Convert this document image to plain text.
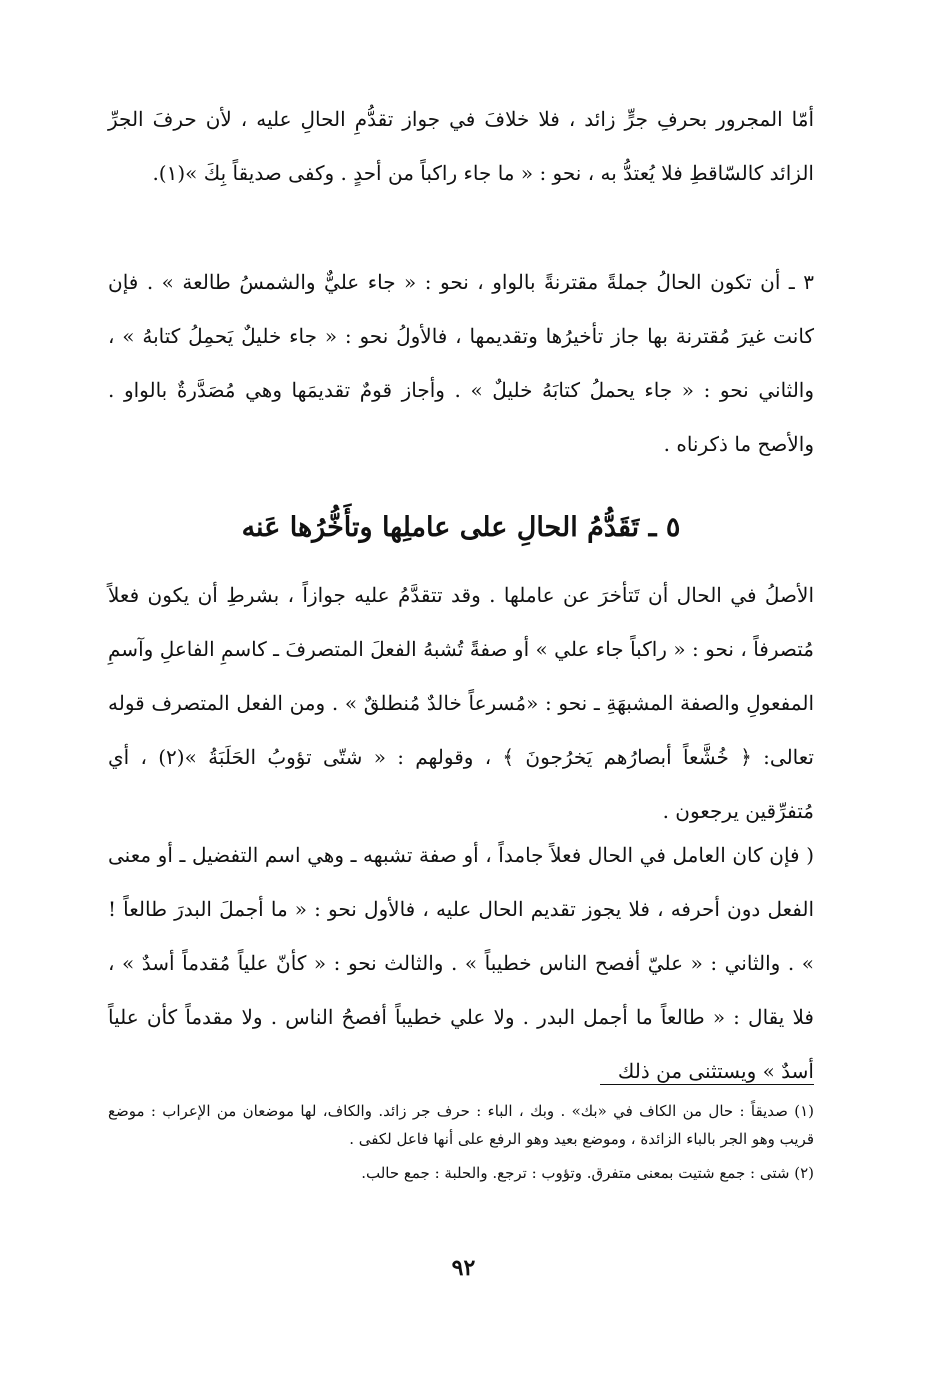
أمّا المجرور بحرفِ جرٍّ زائد ، فلا خلافَ في جواز تقدُّمِ الحالِ عليه ، لأن حرفَ الجرِّ الزائد كالسّاقطِ فلا يُعتدُّ به ، نحو : « ما جاء راكباً من أحدٍ . وكفى صديقاً بِكَ »(١).

٣ ـ أن تكون الحالُ جملةً مقترنةً بالواو ، نحو : « جاء عليٌّ والشمسُ طالعة » . فإن كانت غيرَ مُقترنة بها جاز تأخيرُها وتقديمها ، فالأولُ نحو : « جاء خليلٌ يَحمِلُ كتابهُ » ، والثاني نحو : « جاء يحملُ كتابَهُ خليلٌ » . وأجاز قومٌ تقديمَها وهي مُصَدَّرةٌ بالواو . والأصح ما ذكرناه .

٥ ـ تَقَدُّمُ الحالِ على عاملِها وتأَخُّرُها عَنه

الأصلُ في الحال أن تَتأخرَ عن عاملها . وقد تتقدَّمُ عليه جوازاً ، بشرطِ أن يكون فعلاً مُتصرفاً ، نحو : « راكباً جاء علي » أو صفةً تُشبهُ الفعلَ المتصرفَ ـ كاسمِ الفاعلِ وآسمِ المفعولِ والصفة المشبهَةِ ـ نحو : «مُسرعاً خالدٌ مُنطلقٌ » . ومن الفعل المتصرف قوله تعالى: ﴿ خُشَّعاً أبصارُهم يَخرُجونَ ﴾ ، وقولهم : « شتّى تؤوبُ الحَلَبَةُ »(٢) ، أي مُتفرِّقين يرجعون .

( فإن كان العامل في الحال فعلاً جامداً ، أو صفة تشبهه ـ وهي اسم التفضيل ـ أو معنى الفعل دون أحرفه ، فلا يجوز تقديم الحال عليه ، فالأول نحو : « ما أجملَ البدرَ طالعاً ! » . والثاني : « عليّ أفصح الناس خطيباً » . والثالث نحو : « كأنّ علياً مُقدماً أسدٌ » ، فلا يقال : « طالعاً ما أجمل البدر . ولا علي خطيباً أفصحُ الناس . ولا مقدماً كأن علياً أسدٌ » ويستثنى من ذلك

(١) صديقاً : حال من الكاف في «بك» . وبك ، الباء : حرف جر زائد. والكاف، لها موضعان من الإعراب : موضع قريب وهو الجر بالباء الزائدة ، وموضع بعيد وهو الرفع على أنها فاعل لكفى .

(٢) شتى : جمع شتيت بمعنى متفرق. وتؤوب : ترجع. والحلبة : جمع حالب.

٩٢
